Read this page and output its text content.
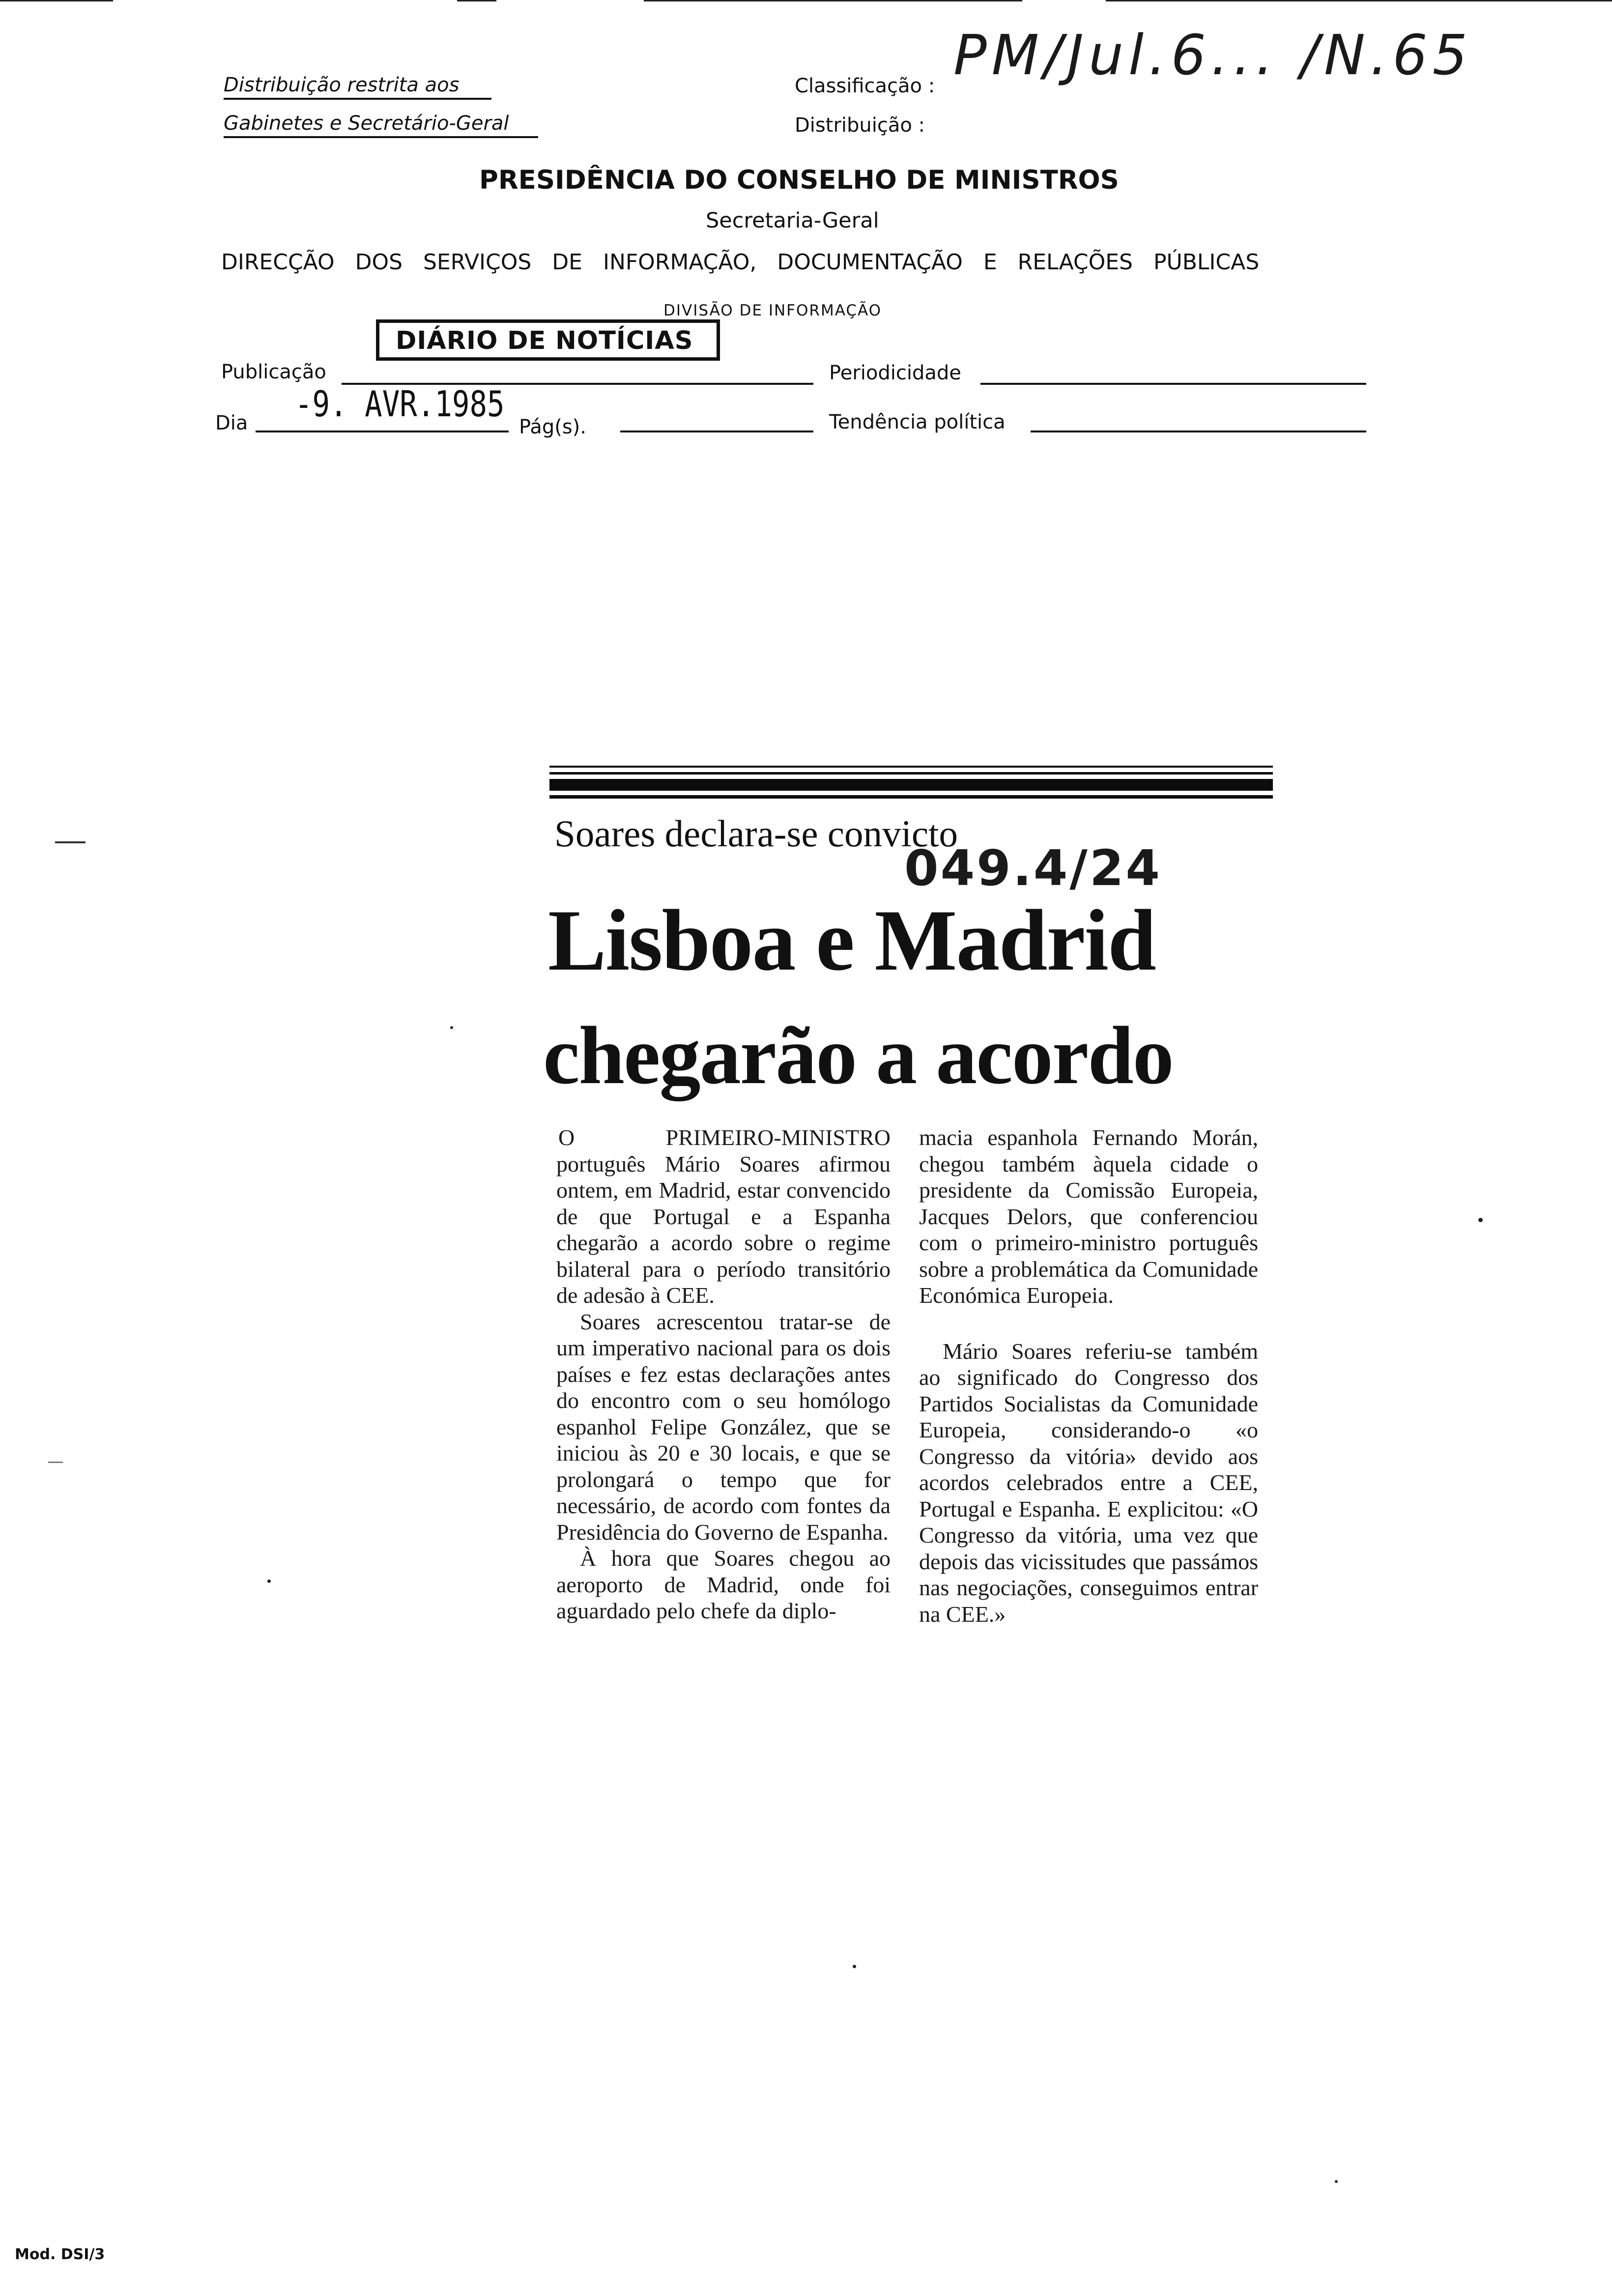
Distribuição restrita aos
Gabinetes e Secretário-Geral
Classificação :
Distribuição :
PM/Jul.6... /N.65
PRESIDÊNCIA DO CONSELHO DE MINISTROS
Secretaria-Geral
DIRECÇÃO DOS SERVIÇOS DE INFORMAÇÃO, DOCUMENTAÇÃO E RELAÇÕES PÚBLICAS
DIVISÃO DE INFORMAÇÃO
DIÁRIO DE NOTÍCIAS
Publicação	Periodicidade
Dia -9. AVR.1985
Pág(s).	Tendência política
Soares declara-se convicto
049.4/24
Lisboa e Madrid
chegarão a acordo

O PRIMEIRO-MINISTRO português Mário Soares afirmou ontem, em Madrid, estar convencido de que Portugal e a Espanha chegarão a acordo sobre o regime bilateral para o período transitório de adesão à CEE.

Soares acrescentou tratar-se de um imperativo nacional para os dois países e fez estas declarações antes do encontro com o seu homólogo espanhol Felipe González, que se iniciou às 20 e 30 locais, e que se prolongará o tempo que for necessário, de acordo com fontes da Presidência do Governo de Espanha.

À hora que Soares chegou ao aeroporto de Madrid, onde foi aguardado pelo chefe da diplo-

macia espanhola Fernando Morán, chegou também àquela cidade o presidente da Comissão Europeia, Jacques Delors, que conferenciou com o primeiro-ministro português sobre a problemática da Comunidade Económica Europeia.

Mário Soares referiu-se também ao significado do Congresso dos Partidos Socialistas da Comunidade Europeia, considerando-o «o Congresso da vitória» devido aos acordos celebrados entre a CEE, Portugal e Espanha. E explicitou: «O Congresso da vitória, uma vez que depois das vicissitudes que passámos nas negociações, conseguimos entrar na CEE.»

Mod. DSI/3
